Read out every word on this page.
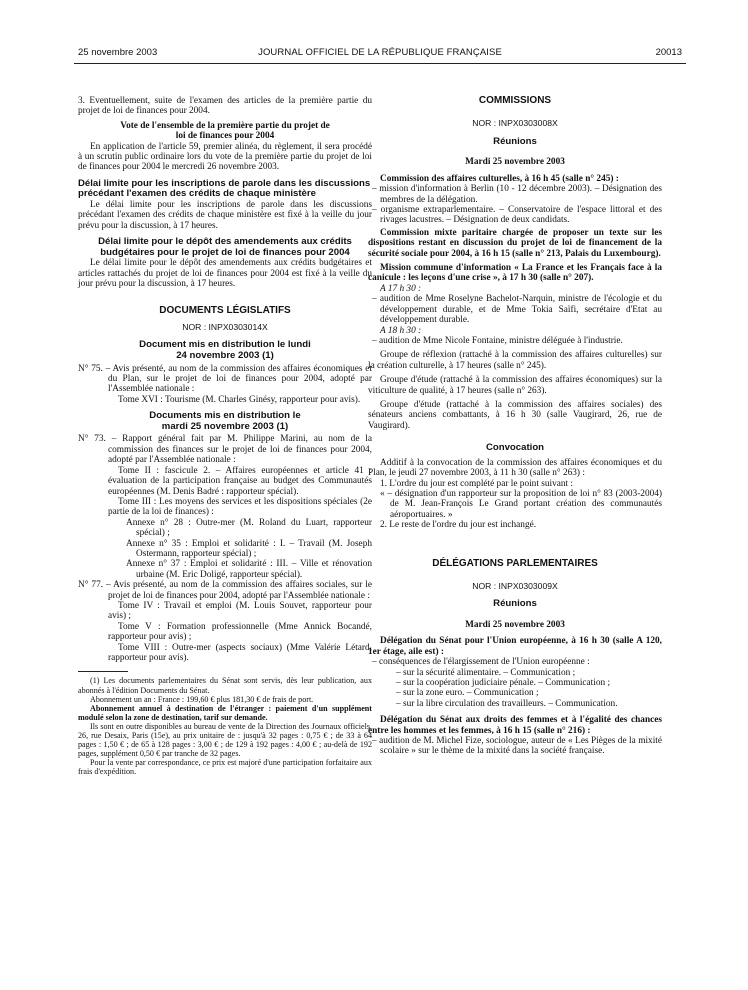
25 novembre 2003	JOURNAL OFFICIEL DE LA RÉPUBLIQUE FRANÇAISE	20013

3. Eventuellement, suite de l'examen des articles de la première partie du projet de loi de finances pour 2004.

Vote de l'ensemble de la première partie du projet de loi de finances pour 2004

En application de l'article 59, premier alinéa, du règlement, il sera procédé à un scrutin public ordinaire lors du vote de la première partie du projet de loi de finances pour 2004 le mercredi 26 novembre 2003.

Délai limite pour les inscriptions de parole dans les discussions précédant l'examen des crédits de chaque ministère

Le délai limite pour les inscriptions de parole dans les discussions précédant l'examen des crédits de chaque ministère est fixé à la veille du jour prévu pour la discussion, à 17 heures.

Délai limite pour le dépôt des amendements aux crédits budgétaires pour le projet de loi de finances pour 2004

Le délai limite pour le dépôt des amendements aux crédits budgétaires et articles rattachés du projet de loi de finances pour 2004 est fixé à la veille du jour prévu pour la discussion, à 17 heures.

DOCUMENTS LÉGISLATIFS

NOR : INPX0303014X

Document mis en distribution le lundi 24 novembre 2003 (1)

N° 75. – Avis présenté, au nom de la commission des affaires économiques et du Plan, sur le projet de loi de finances pour 2004, adopté par l'Assemblée nationale :

Tome XVI : Tourisme (M. Charles Ginésy, rapporteur pour avis).

Documents mis en distribution le mardi 25 novembre 2003 (1)

N° 73. – Rapport général fait par M. Philippe Marini, au nom de la commission des finances sur le projet de loi de finances pour 2004, adopté par l'Assemblée nationale :

Tome II : fascicule 2. – Affaires européennes et article 41 : évaluation de la participation française au budget des Communautés européennes (M. Denis Badré : rapporteur spécial).

Tome III : Les moyens des services et les dispositions spéciales (2e partie de la loi de finances) :

Annexe n° 28 : Outre-mer (M. Roland du Luart, rapporteur spécial) ;

Annexe n° 35 : Emploi et solidarité : I. – Travail (M. Joseph Ostermann, rapporteur spécial) ;

Annexe n° 37 : Emploi et solidarité : III. – Ville et rénovation urbaine (M. Eric Doligé, rapporteur spécial).

N° 77. – Avis présenté, au nom de la commission des affaires sociales, sur le projet de loi de finances pour 2004, adopté par l'Assemblée nationale :

Tome IV : Travail et emploi (M. Louis Souvet, rapporteur pour avis) ;

Tome V : Formation professionnelle (Mme Annick Bocandé, rapporteur pour avis) ;

Tome VIII : Outre-mer (aspects sociaux) (Mme Valérie Létard, rapporteur pour avis).

(1) Les documents parlementaires du Sénat sont servis, dès leur publication, aux abonnés à l'édition Documents du Sénat.

Abonnement un an : France : 199,60 € plus 181,30 € de frais de port.

Abonnement annuel à destination de l'étranger : paiement d'un supplément modulé selon la zone de destination, tarif sur demande.

Ils sont en outre disponibles au bureau de vente de la Direction des Journaux officiels, 26, rue Desaix, Paris (15e), au prix unitaire de : jusqu'à 32 pages : 0,75 € ; de 33 à 64 pages : 1,50 € ; de 65 à 128 pages : 3,00 € ; de 129 à 192 pages : 4,00 € ; au-delà de 192 pages, supplément 0,50 € par tranche de 32 pages.

Pour la vente par correspondance, ce prix est majoré d'une participation forfaitaire aux frais d'expédition.

COMMISSIONS

NOR : INPX0303008X

Réunions

Mardi 25 novembre 2003

Commission des affaires culturelles, à 16 h 45 (salle n° 245) :

– mission d'information à Berlin (10 - 12 décembre 2003). – Désignation des membres de la délégation.

– organisme extraparlementaire. – Conservatoire de l'espace littoral et des rivages lacustres. – Désignation de deux candidats.

Commission mixte paritaire chargée de proposer un texte sur les dispositions restant en discussion du projet de loi de financement de la sécurité sociale pour 2004, à 16 h 15 (salle n° 213, Palais du Luxembourg).

Mission commune d'information « La France et les Français face à la canicule : les leçons d'une crise », à 17 h 30 (salle n° 207).

A 17 h 30 :

– audition de Mme Roselyne Bachelot-Narquin, ministre de l'écologie et du développement durable, et de Mme Tokia Saïfi, secrétaire d'Etat au développement durable.

A 18 h 30 :

– audition de Mme Nicole Fontaine, ministre déléguée à l'industrie.

Groupe de réflexion (rattaché à la commission des affaires culturelles) sur la création culturelle, à 17 heures (salle n° 245).

Groupe d'étude (rattaché à la commission des affaires économiques) sur la viticulture de qualité, à 17 heures (salle n° 263).

Groupe d'étude (rattaché à la commission des affaires sociales) des sénateurs anciens combattants, à 16 h 30 (salle Vaugirard, 26, rue de Vaugirard).

Convocation

Additif à la convocation de la commission des affaires économiques et du Plan, le jeudi 27 novembre 2003, à 11 h 30 (salle n° 263) :

1. L'ordre du jour est complété par le point suivant :

« – désignation d'un rapporteur sur la proposition de loi n° 83 (2003-2004) de M. Jean-François Le Grand portant création des communautés aéroportuaires. »

2. Le reste de l'ordre du jour est inchangé.

DÉLÉGATIONS PARLEMENTAIRES

NOR : INPX0303009X

Réunions

Mardi 25 novembre 2003

Délégation du Sénat pour l'Union européenne, à 16 h 30 (salle A 120, 1er étage, aile est) :

– conséquences de l'élargissement de l'Union européenne :

– sur la sécurité alimentaire. – Communication ;

– sur la coopération judiciaire pénale. – Communication ;

– sur la zone euro. – Communication ;

– sur la libre circulation des travailleurs. – Communication.

Délégation du Sénat aux droits des femmes et à l'égalité des chances entre les hommes et les femmes, à 16 h 15 (salle n° 216) :

– audition de M. Michel Fize, sociologue, auteur de « Les Pièges de la mixité scolaire » sur le thème de la mixité dans la société française.
